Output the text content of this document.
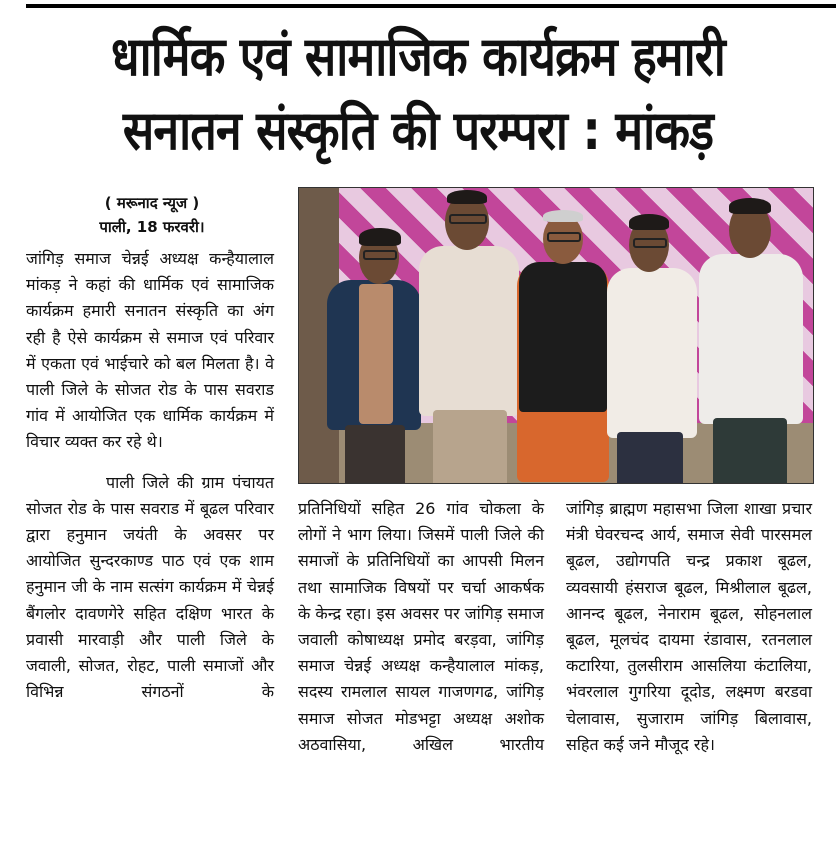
धार्मिक एवं सामाजिक कार्यक्रम हमारी
सनातन संस्कृति की परम्परा : मांकड़
( मरूनाद न्यूज )
पाली, 18 फरवरी।

जांगिड़ समाज चेन्नई अध्यक्ष कन्हैयालाल मांकड़ ने कहां की धार्मिक एवं सामाजिक कार्यक्रम हमारी सनातन संस्कृति का अंग रही है ऐसे कार्यक्रम से समाज एवं परिवार में एकता एवं भाईचारे को बल मिलता है। वे पाली जिले के सोजत रोड के पास सवराड गांव में आयोजित एक धार्मिक कार्यक्रम में विचार व्यक्त कर रहे थे।

पाली जिले की ग्राम पंचायत सोजत रोड के पास सवराड में बूढल परिवार द्वारा हनुमान जयंती के अवसर पर आयोजित सुन्दरकाण्ड पाठ एवं एक शाम हनुमान जी के नाम सत्संग कार्यक्रम में चेन्नई बैंगलोर दावणगेरे सहित दक्षिण भारत के प्रवासी मारवाड़ी और पाली जिले के जवाली, सोजत, रोहट, पाली समाजों और विभिन्न संगठनों के

प्रतिनिधियों सहित 26 गांव चोकला के लोगों ने भाग लिया। जिसमें पाली जिले की समाजों के प्रतिनिधियों का आपसी मिलन तथा सामाजिक विषयों पर चर्चा आकर्षक के केन्द्र रहा। इस अवसर पर जांगिड़ समाज जवाली कोषाध्यक्ष प्रमोद बरड़वा, जांगिड़ समाज चेन्नई अध्यक्ष कन्हैयालाल मांकड़, सदस्य रामलाल सायल गाजणगढ, जांगिड़ समाज सोजत मोडभट्टा अध्यक्ष अशोक अठवासिया, अखिल भारतीय

जांगिड़ ब्राह्मण महासभा जिला शाखा प्रचार मंत्री घेवरचन्द आर्य, समाज सेवी पारसमल बूढल, उद्योगपति चन्द्र प्रकाश बूढल, व्यवसायी हंसराज बूढल, मिश्रीलाल बूढल, आनन्द बूढल, नेनाराम बूढल, सोहनलाल बूढल, मूलचंद दायमा रंडावास, रतनलाल कटारिया, तुलसीराम आसलिया कंटालिया, भंवरलाल गुगरिया दूदोड, लक्ष्मण बरडवा चेलावास, सुजाराम जांगिड़ बिलावास, सहित कई जने मौजूद रहे।
